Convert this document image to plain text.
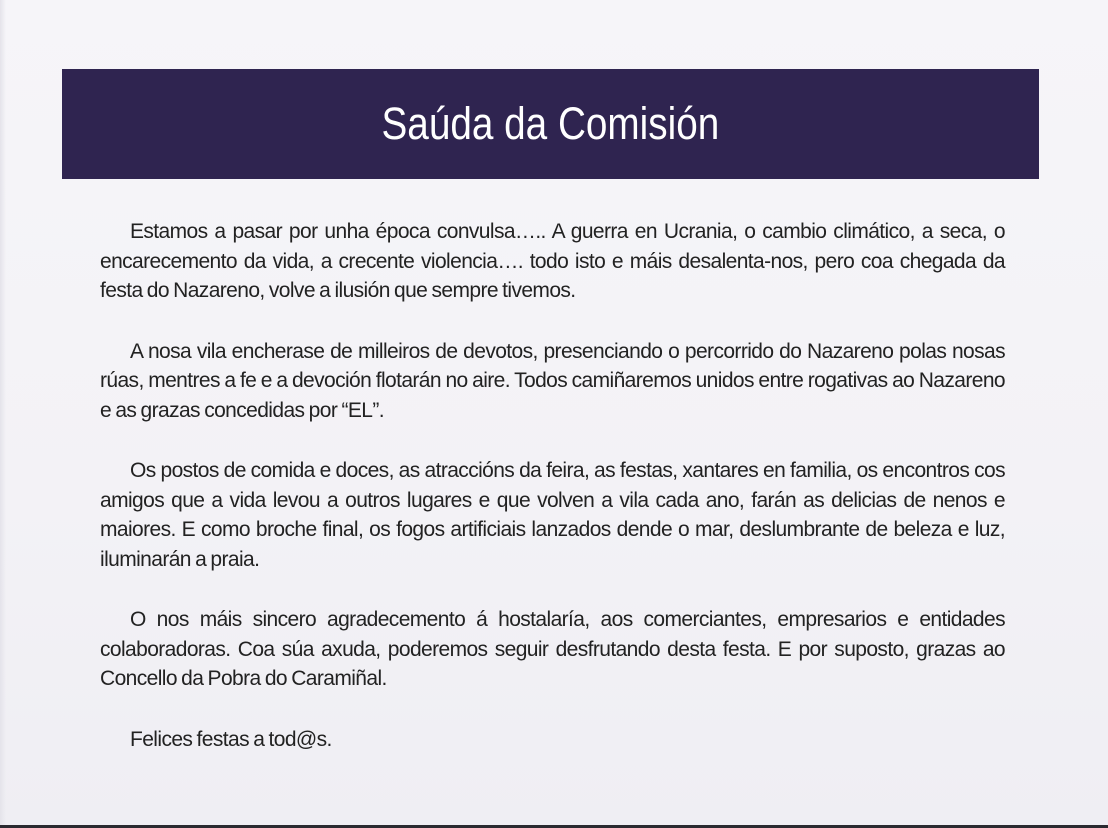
Saúda da Comisión

Estamos a pasar por unha época convulsa….. A guerra en Ucrania, o cambio climático, a seca, o encarecemento da vida, a crecente violencia…. todo isto e máis desalenta-nos, pero coa chegada da festa do Nazareno, volve a ilusión que sempre tivemos.

A nosa vila encherase de milleiros de devotos, presenciando o percorrido do Nazareno polas nosas rúas, mentres a fe e a devoción flotarán no aire. Todos camiñaremos unidos entre rogativas ao Nazareno e as grazas concedidas por “EL”.

Os postos de comida e doces, as atraccións da feira, as festas, xantares en familia, os encontros cos amigos que a vida levou a outros lugares e que volven a vila cada ano, farán as delicias de nenos e maiores. E como broche final, os fogos artificiais lanzados dende o mar, deslumbrante de beleza e luz, iluminarán a praia.

O nos máis sincero agradecemento á hostalaría, aos comerciantes, empresarios e entidades colaboradoras. Coa súa axuda, poderemos seguir desfrutando desta festa. E por suposto, grazas ao Concello da Pobra do Caramiñal.

Felices festas a tod@s.
